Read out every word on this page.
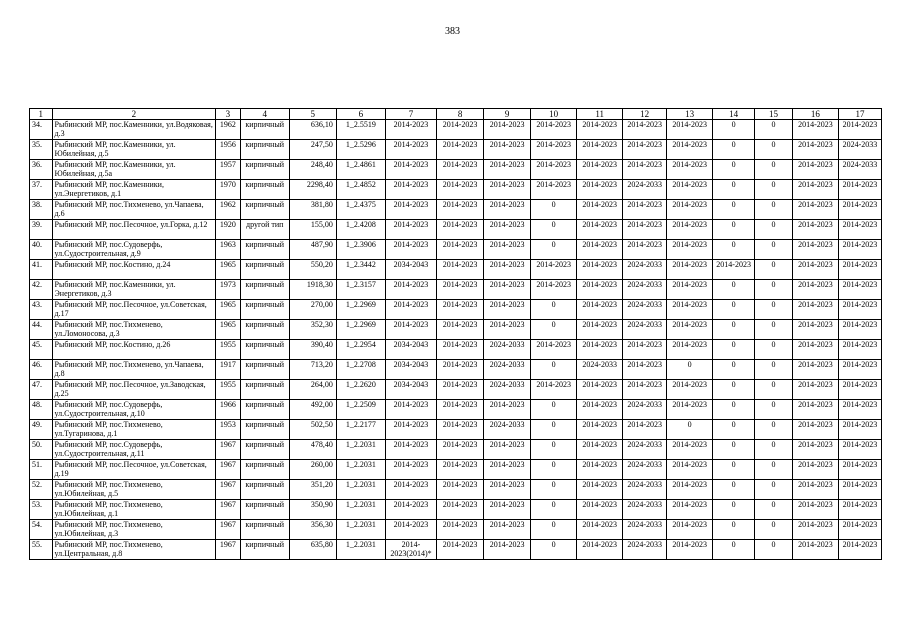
383
1	2	3	4	5	6	7	8	9	10	11	12	13	14	15	16	17
34.	Рыбинский МР, пос.Каменники, ул.Водяковая, д.3	1962	кирпичный	636,10	1_2.5519	2014-2023	2014-2023	2014-2023	2014-2023	2014-2023	2014-2023	2014-2023	0	0	2014-2023	2014-2023
35.	Рыбинский МР, пос.Каменники, ул. Юбилейная, д.5	1956	кирпичный	247,50	1_2.5296	2014-2023	2014-2023	2014-2023	2014-2023	2014-2023	2014-2023	2014-2023	0	0	2014-2023	2024-2033
36.	Рыбинский МР, пос.Каменники, ул. Юбилейная, д.5а	1957	кирпичный	248,40	1_2.4861	2014-2023	2014-2023	2014-2023	2014-2023	2014-2023	2014-2023	2014-2023	0	0	2014-2023	2024-2033
37.	Рыбинский МР, пос.Каменники, ул.Энергетиков, д.1	1970	кирпичный	2298,40	1_2.4852	2014-2023	2014-2023	2014-2023	2014-2023	2014-2023	2024-2033	2014-2023	0	0	2014-2023	2014-2023
38.	Рыбинский МР, пос.Тихменево, ул.Чапаева, д.6	1962	кирпичный	381,80	1_2.4375	2014-2023	2014-2023	2014-2023	0	2014-2023	2014-2023	2014-2023	0	0	2014-2023	2014-2023
39.	Рыбинский МР, пос.Песочное, ул.Горка, д.12	1920	другой тип	155,00	1_2.4208	2014-2023	2014-2023	2014-2023	0	2014-2023	2014-2023	2014-2023	0	0	2014-2023	2014-2023
40.	Рыбинский МР, пос.Судоверфь, ул.Судостроительная, д.9	1963	кирпичный	487,90	1_2.3906	2014-2023	2014-2023	2014-2023	0	2014-2023	2014-2023	2014-2023	0	0	2014-2023	2014-2023
41.	Рыбинский МР, пос.Костино, д.24	1965	кирпичный	550,20	1_2.3442	2034-2043	2014-2023	2014-2023	2014-2023	2014-2023	2024-2033	2014-2023	2014-2023	0	2014-2023	2014-2023
42.	Рыбинский МР, пос.Каменники, ул. Энергетиков, д.3	1973	кирпичный	1918,30	1_2.3157	2014-2023	2014-2023	2014-2023	2014-2023	2014-2023	2024-2033	2014-2023	0	0	2014-2023	2014-2023
43.	Рыбинский МР, пос.Песочное, ул.Советская, д.17	1965	кирпичный	270,00	1_2.2969	2014-2023	2014-2023	2014-2023	0	2014-2023	2024-2033	2014-2023	0	0	2014-2023	2014-2023
44.	Рыбинский МР, пос.Тихменево, ул.Ломоносова, д.3	1965	кирпичный	352,30	1_2.2969	2014-2023	2014-2023	2014-2023	0	2014-2023	2024-2033	2014-2023	0	0	2014-2023	2014-2023
45.	Рыбинский МР, пос.Костино, д.26	1955	кирпичный	390,40	1_2.2954	2034-2043	2014-2023	2024-2033	2014-2023	2014-2023	2014-2023	2014-2023	0	0	2014-2023	2014-2023
46.	Рыбинский МР, пос.Тихменево, ул.Чапаева, д.8	1917	кирпичный	713,20	1_2.2708	2034-2043	2014-2023	2024-2033	0	2024-2033	2014-2023	0	0	0	2014-2023	2014-2023
47.	Рыбинский МР, пос.Песочное, ул.Заводская, д.25	1955	кирпичный	264,00	1_2.2620	2034-2043	2014-2023	2024-2033	2014-2023	2014-2023	2014-2023	2014-2023	0	0	2014-2023	2014-2023
48.	Рыбинский МР, пос.Судоверфь, ул.Судостроительная, д.10	1966	кирпичный	492,00	1_2.2509	2014-2023	2014-2023	2014-2023	0	2014-2023	2024-2033	2014-2023	0	0	2014-2023	2014-2023
49.	Рыбинский МР, пос.Тихменево, ул.Тугаринова, д.1	1953	кирпичный	502,50	1_2.2177	2014-2023	2014-2023	2024-2033	0	2014-2023	2014-2023	0	0	0	2014-2023	2014-2023
50.	Рыбинский МР, пос.Судоверфь, ул.Судостроительная, д.11	1967	кирпичный	478,40	1_2.2031	2014-2023	2014-2023	2014-2023	0	2014-2023	2024-2033	2014-2023	0	0	2014-2023	2014-2023
51.	Рыбинский МР, пос.Песочное, ул.Советская, д.19	1967	кирпичный	260,00	1_2.2031	2014-2023	2014-2023	2014-2023	0	2014-2023	2024-2033	2014-2023	0	0	2014-2023	2014-2023
52.	Рыбинский МР, пос.Тихменево, ул.Юбилейная, д.5	1967	кирпичный	351,20	1_2.2031	2014-2023	2014-2023	2014-2023	0	2014-2023	2024-2033	2014-2023	0	0	2014-2023	2014-2023
53.	Рыбинский МР, пос.Тихменево, ул.Юбилейная, д.1	1967	кирпичный	350,90	1_2.2031	2014-2023	2014-2023	2014-2023	0	2014-2023	2024-2033	2014-2023	0	0	2014-2023	2014-2023
54.	Рыбинский МР, пос.Тихменево, ул.Юбилейная, д.3	1967	кирпичный	356,30	1_2.2031	2014-2023	2014-2023	2014-2023	0	2014-2023	2024-2033	2014-2023	0	0	2014-2023	2014-2023
55.	Рыбинский МР, пос.Тихменево, ул.Центральная, д.8	1967	кирпичный	635,80	1_2.2031	2014-2023(2014)*	2014-2023	2014-2023	0	2014-2023	2024-2033	2014-2023	0	0	2014-2023	2014-2023
